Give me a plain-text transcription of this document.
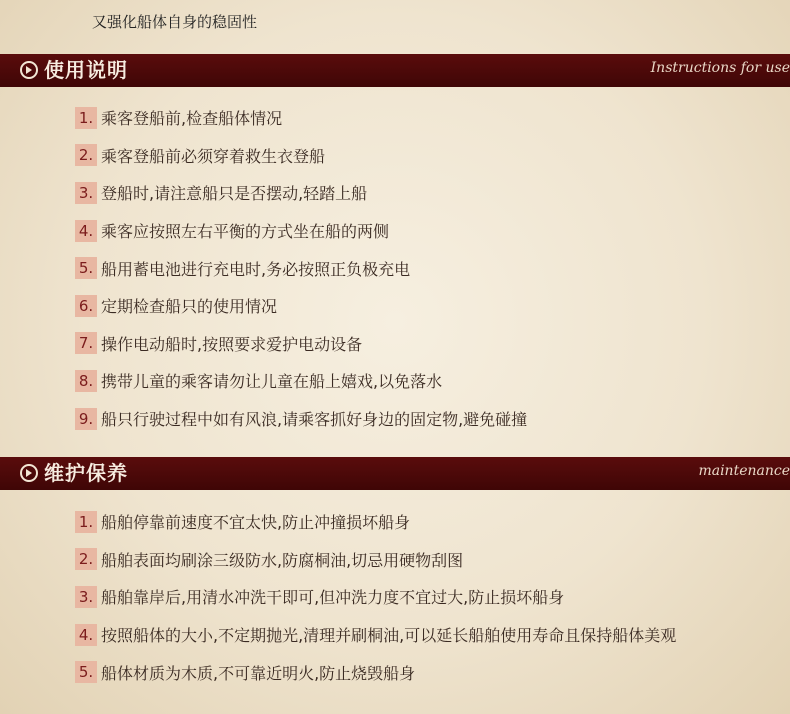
又强化船体自身的稳固性
使用说明	Instructions for use
1. 乘客登船前,检查船体情况
2. 乘客登船前必须穿着救生衣登船
3. 登船时,请注意船只是否摆动,轻踏上船
4. 乘客应按照左右平衡的方式坐在船的两侧
5. 船用蓄电池进行充电时,务必按照正负极充电
6. 定期检查船只的使用情况
7. 操作电动船时,按照要求爱护电动设备
8. 携带儿童的乘客请勿让儿童在船上嬉戏,以免落水
9. 船只行驶过程中如有风浪,请乘客抓好身边的固定物,避免碰撞
维护保养	maintenance
1. 船舶停靠前速度不宜太快,防止冲撞损坏船身
2. 船舶表面均刷涂三级防水,防腐桐油,切忌用硬物刮图
3. 船舶靠岸后,用清水冲洗干即可,但冲洗力度不宜过大,防止损坏船身
4. 按照船体的大小,不定期抛光,清理并刷桐油,可以延长船舶使用寿命且保持船体美观
5. 船体材质为木质,不可靠近明火,防止烧毁船身
